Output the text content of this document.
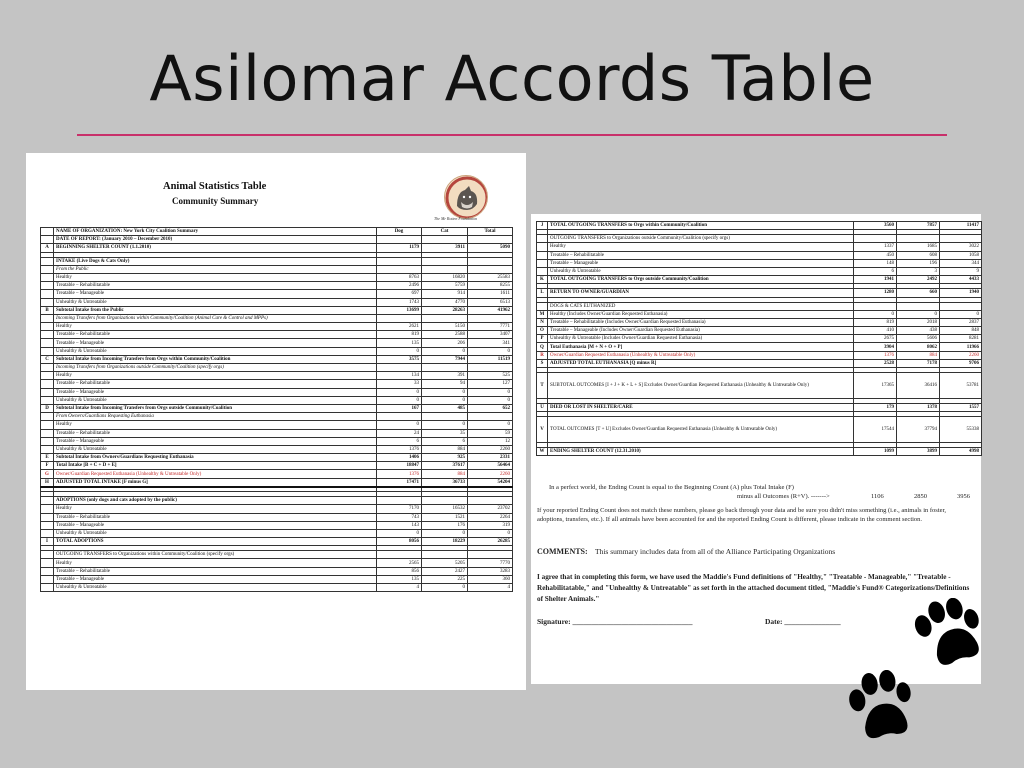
Asilomar Accords Table
Animal Statistics Table
Community Summary
The Mr Rotten Foundation
	NAME OF ORGANIZATION: New York City Coalition Summary	Dog	Cat	Total
	DATE OF REPORT: (January 2010 – December 2010)			
A	BEGINNING SHELTER COUNT (1.1.2010)	1179	3911	5090

	INTAKE (Live Dogs & Cats Only)			
	From the Public			
	Healthy	8763	16820	25583
	Treatable – Rehabilitatable	2496	5759	8255
	Treatable – Manageable	697	914	1611
	Unhealthy & Untreatable	1743	4770	6513
B	Subtotal Intake from the Public	13699	28263	41962
	Incoming Transfers from Organizations within Community/Coalition (Animal Care & Control and MPPs)			
	Healthy	2621	5150	7771
	Treatable – Rehabilitatable	819	2588	3407
	Treatable – Manageable	135	206	341
	Unhealthy & Untreatable	0	0	0
C	Subtotal Intake from Incoming Transfers from Orgs within Community/Coalition	3575	7944	11519
	Incoming Transfers from Organizations outside Community/Coalition (specify orgs)			
	Healthy	134	391	525
	Treatable – Rehabilitatable	33	94	127
	Treatable – Manageable	0	0	0
	Unhealthy & Untreatable	0	0	0
D	Subtotal Intake from Incoming Transfers from Orgs outside Community/Coalition	167	485	652
	From Owners/Guardians Requesting Euthanasia			
	Healthy	0	0	0
	Treatable – Rehabilitatable	24	35	59
	Treatable – Manageable	6	6	12
	Unhealthy & Untreatable	1376	884	2260
E	Subtotal Intake from Owners/Guardians Requesting Euthanasia	1406	925	2331
F	Total Intake [B + C + D + E]	18847	37617	56464
G	Owner/Guardian Requested Euthanasia (Unhealthy & Untreatable Only)	1376	884	2260
H	ADJUSTED TOTAL INTAKE [F minus G]	17471	36733	54204

	ADOPTIONS (only dogs and cats adopted by the public)			
	Healthy	7170	16532	23702
	Treatable – Rehabilitatable	743	1521	2264
	Treatable – Manageable	143	176	319
	Unhealthy & Untreatable	0	0	0
I	TOTAL ADOPTIONS	8056	18229	26285

	OUTGOING TRANSFERS to Organizations within Community/Coalition (specify orgs)			
	Healthy	2565	5205	7770
	Treatable – Rehabilitatable	856	2427	3283
	Treatable – Manageable	135	225	360
	Unhealthy & Untreatable	4	0	4
J	TOTAL OUTGOING TRANSFERS to Orgs within Community/Coalition	3560	7857	11417

	OUTGOING TRANSFERS to Organizations outside Community/Coalition (specify orgs)			
	Healthy	1337	1685	3022
	Treatable – Rehabilitatable	450	608	1058
	Treatable – Manageable	148	196	344
	Unhealthy & Untreatable	6	3	9
K	TOTAL OUTGOING TRANSFERS to Orgs outside Community/Coalition	1941	2492	4433

L	RETURN TO OWNER/GUARDIAN	1280	660	1940

	DOGS & CATS EUTHANIZED			
M	Healthy (Includes Owner/Guardian Requested Euthanasia)	0	0	0
N	Treatable – Rehabilitatable (Includes Owner/Guardian Requested Euthanasia)	819	2018	2837
O	Treatable – Manageable (Includes Owner/Guardian Requested Euthanasia)	410	438	848
P	Unhealthy & Untreatable (Includes Owner/Guardian Requested Euthanasia)	2675	5606	8281
Q	Total Euthanasia [M + N + O + P]	3904	8062	11966
R	Owner/Guardian Requested Euthanasia (Unhealthy & Untreatable Only)	1376	884	2260
S	ADJUSTED TOTAL EUTHANASIA [Q minus R]	2528	7178	9706

T	SUBTOTAL OUTCOMES [I + J + K + L + S] Excludes Owner/Guardian Requested Euthanasia (Unhealthy & Untreatable Only)	17365	36416	53781

U	DIED OR LOST IN SHELTER/CARE	179	1378	1557

V	TOTAL OUTCOMES [T + U] Excludes Owner/Guardian Requested Euthanasia (Unhealthy & Untreatable Only)	17544	37794	55338

W	ENDING SHELTER COUNT (12.31.2010)	1099	3899	4998
In a perfect world, the Ending Count is equal to the Beginning Count (A) plus Total Intake (F)
minus all Outcomes (R+V). ------->	1106	2850	3956
If your reported Ending Count does not match these numbers, please go back through your data and be sure you didn't miss something (i.e., animals in foster, adoptions, transfers, etc.). If all animals have been accounted for and the reported Ending Count is different, please indicate in the comment section.
COMMENTS: This summary includes data from all of the Alliance Participating Organizations
I agree that in completing this form, we have used the Maddie's Fund definitions of "Healthy," "Treatable - Manageable," "Treatable - Rehabilitatable," and "Unhealthy & Untreatable" as set forth in the attached document titled, "Maddie's Fund® Categorizations/Definitions of Shelter Animals."
Signature: ________________________________	Date: _______________
